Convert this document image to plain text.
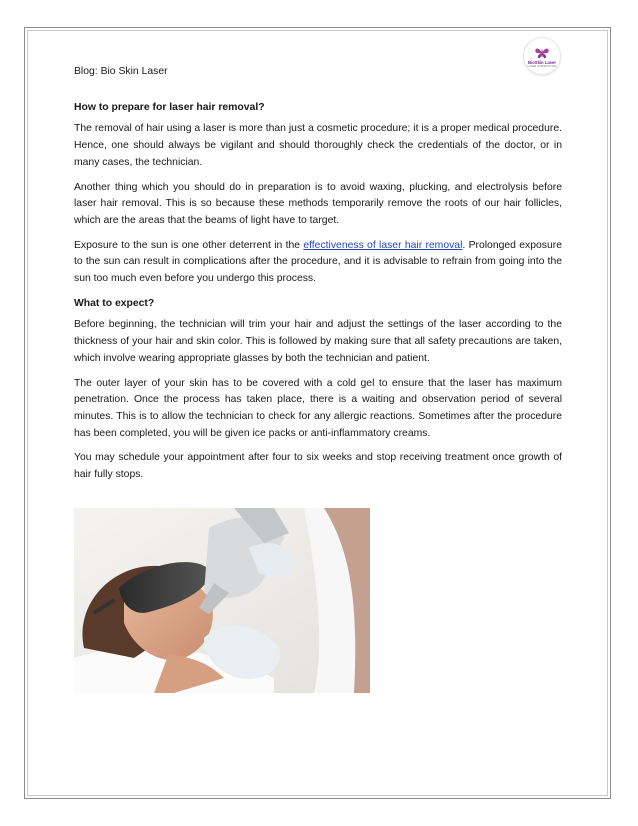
BioSkin Laser
LASER COSMETIC SPA

Blog: Bio Skin Laser

How to prepare for laser hair removal?

The removal of hair using a laser is more than just a cosmetic procedure; it is a proper medical procedure. Hence, one should always be vigilant and should thoroughly check the credentials of the doctor, or in many cases, the technician.

Another thing which you should do in preparation is to avoid waxing, plucking, and electrolysis before laser hair removal. This is so because these methods temporarily remove the roots of our hair follicles, which are the areas that the beams of light have to target.

Exposure to the sun is one other deterrent in the effectiveness of laser hair removal. Prolonged exposure to the sun can result in complications after the procedure, and it is advisable to refrain from going into the sun too much even before you undergo this process.

What to expect?

Before beginning, the technician will trim your hair and adjust the settings of the laser according to the thickness of your hair and skin color. This is followed by making sure that all safety precautions are taken, which involve wearing appropriate glasses by both the technician and patient.

The outer layer of your skin has to be covered with a cold gel to ensure that the laser has maximum penetration. Once the process has taken place, there is a waiting and observation period of several minutes. This is to allow the technician to check for any allergic reactions. Sometimes after the procedure has been completed, you will be given ice packs or anti-inflammatory creams.

You may schedule your appointment after four to six weeks and stop receiving treatment once growth of hair fully stops.
